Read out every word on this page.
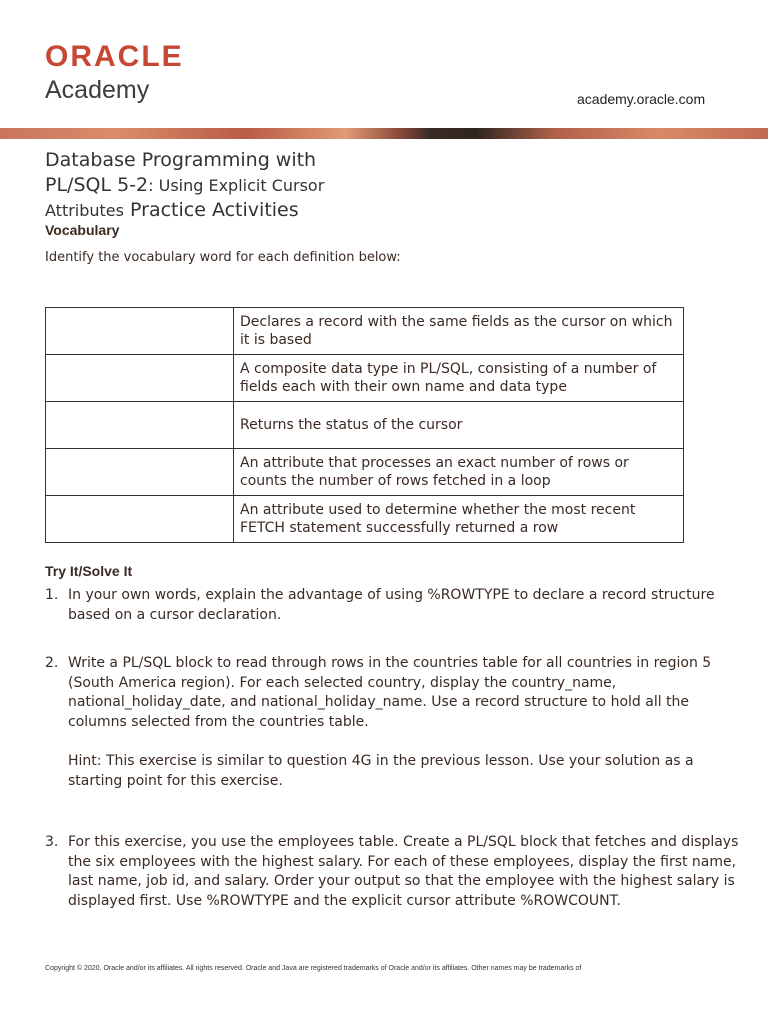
ORACLE
Academy	academy.oracle.com
Database Programming with
PL/SQL 5-2: Using Explicit Cursor
Attributes Practice Activities
Vocabulary
Identify the vocabulary word for each definition below:
	Declares a record with the same fields as the cursor on which it is based
	A composite data type in PL/SQL, consisting of a number of fields each with their own name and data type
	Returns the status of the cursor
	An attribute that processes an exact number of rows or counts the number of rows fetched in a loop
	An attribute used to determine whether the most recent FETCH statement successfully returned a row
Try It/Solve It
1. In your own words, explain the advantage of using %ROWTYPE to declare a record structure based on a cursor declaration.
2. Write a PL/SQL block to read through rows in the countries table for all countries in region 5 (South America region). For each selected country, display the country_name, national_holiday_date, and national_holiday_name. Use a record structure to hold all the columns selected from the countries table.
Hint: This exercise is similar to question 4G in the previous lesson. Use your solution as a starting point for this exercise.
3. For this exercise, you use the employees table. Create a PL/SQL block that fetches and displays the six employees with the highest salary. For each of these employees, display the first name, last name, job id, and salary. Order your output so that the employee with the highest salary is displayed first. Use %ROWTYPE and the explicit cursor attribute %ROWCOUNT.
Copyright © 2020, Oracle and/or its affiliates. All rights reserved. Oracle and Java are registered trademarks of Oracle and/or its affiliates. Other names may be trademarks of
